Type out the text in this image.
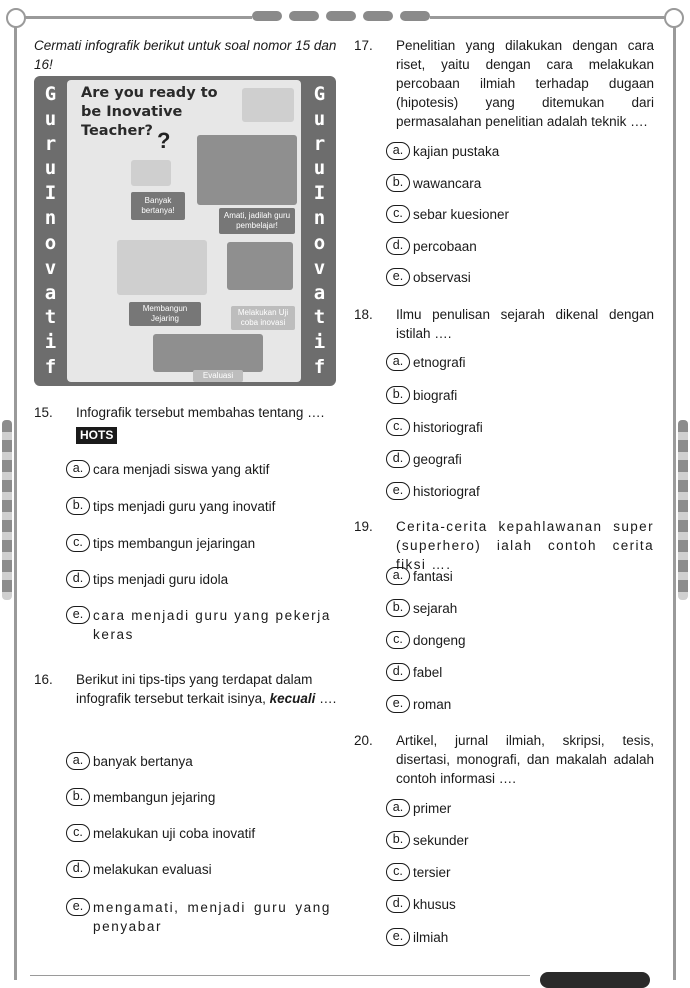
Cermati infografik berikut untuk soal nomor 15 dan 16!
G
u
r
u
I
n
o
v
a
t
i
f
G
u
r
u
I
n
o
v
a
t
i
f
Are you ready to be Inovative Teacher? ?
Banyak bertanya!
Amati, jadilah guru pembelajar!
Membangun Jejaring
Melakukan Uji coba inovasi
Evaluasi
15. Infografik tersebut membahas tentang ….
HOTS
a. cara menjadi siswa yang aktif
b. tips menjadi guru yang inovatif
c. tips membangun jejaringan
d. tips menjadi guru idola
e. cara menjadi guru yang pekerja keras
16. Berikut ini tips-tips yang terdapat dalam infografik tersebut terkait isinya, kecuali ….
a. banyak bertanya
b. membangun jejaring
c. melakukan uji coba inovatif
d. melakukan evaluasi
e. mengamati, menjadi guru yang penyabar
17. Penelitian yang dilakukan dengan cara riset, yaitu dengan cara melakukan percobaan ilmiah terhadap dugaan (hipotesis) yang ditemukan dari permasalahan penelitian adalah teknik ….
a. kajian pustaka
b. wawancara
c. sebar kuesioner
d. percobaan
e. observasi
18. Ilmu penulisan sejarah dikenal dengan istilah ….
a. etnografi
b. biografi
c. historiografi
d. geografi
e. historiograf
19. Cerita-cerita kepahlawanan super (superhero) ialah contoh cerita fiksi ….
a. fantasi
b. sejarah
c. dongeng
d. fabel
e. roman
20. Artikel, jurnal ilmiah, skripsi, tesis, disertasi, monografi, dan makalah adalah contoh informasi ….
a. primer
b. sekunder
c. tersier
d. khusus
e. ilmiah
